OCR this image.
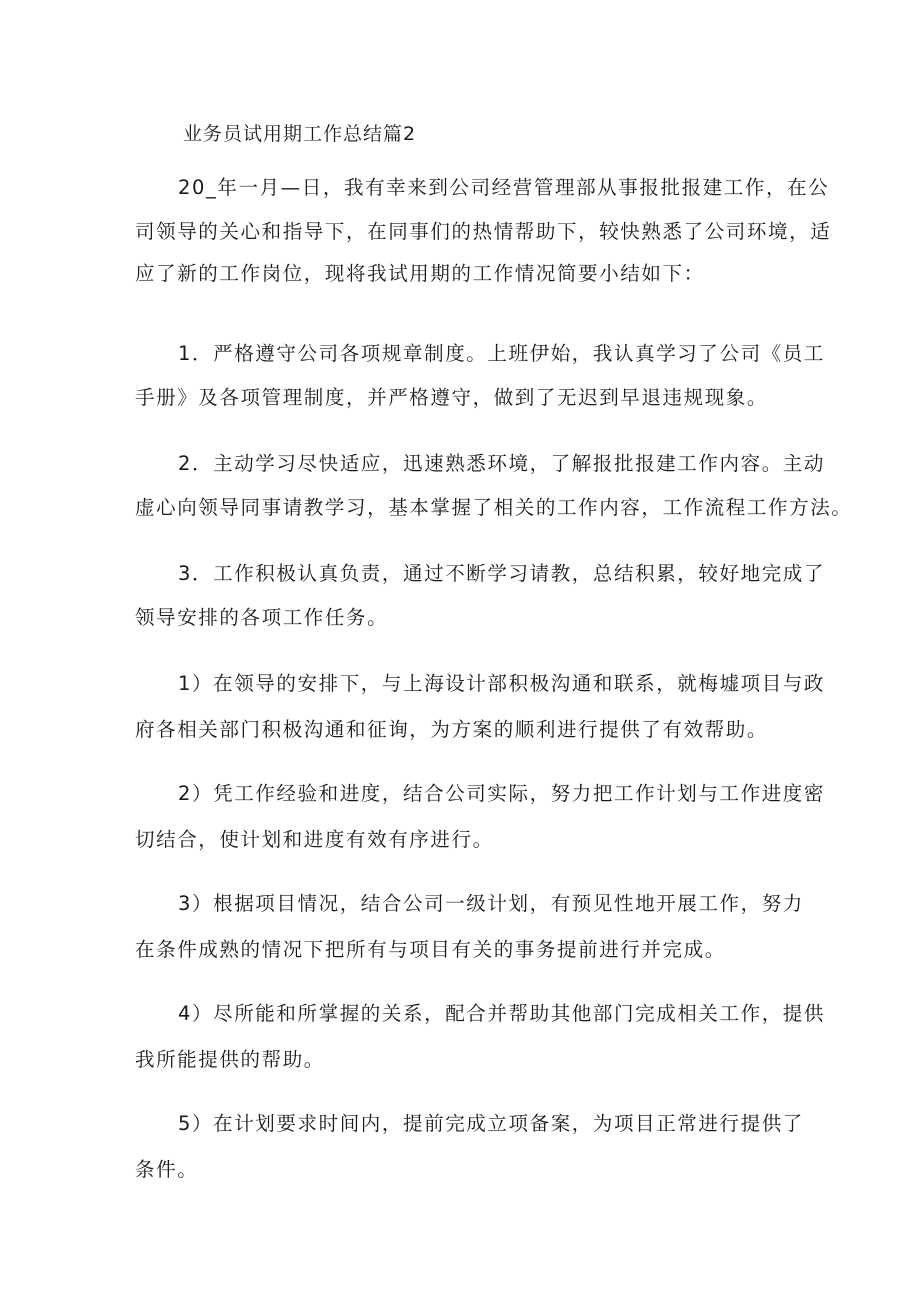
业务员试用期工作总结篇2
20_年一月—日，我有幸来到公司经营管理部从事报批报建工作，在公
司领导的关心和指导下，在同事们的热情帮助下，较快熟悉了公司环境，适
应了新的工作岗位，现将我试用期的工作情况简要小结如下：
1．严格遵守公司各项规章制度。上班伊始，我认真学习了公司《员工
手册》及各项管理制度，并严格遵守，做到了无迟到早退违规现象。
2．主动学习尽快适应，迅速熟悉环境，了解报批报建工作内容。主动
虚心向领导同事请教学习，基本掌握了相关的工作内容，工作流程工作方法。
3．工作积极认真负责，通过不断学习请教，总结积累，较好地完成了
领导安排的各项工作任务。
1）在领导的安排下，与上海设计部积极沟通和联系，就梅墟项目与政
府各相关部门积极沟通和征询，为方案的顺利进行提供了有效帮助。
2）凭工作经验和进度，结合公司实际，努力把工作计划与工作进度密
切结合，使计划和进度有效有序进行。
3）根据项目情况，结合公司一级计划，有预见性地开展工作，努力
在条件成熟的情况下把所有与项目有关的事务提前进行并完成。
4）尽所能和所掌握的关系，配合并帮助其他部门完成相关工作，提供
我所能提供的帮助。
5）在计划要求时间内，提前完成立项备案，为项目正常进行提供了
条件。
